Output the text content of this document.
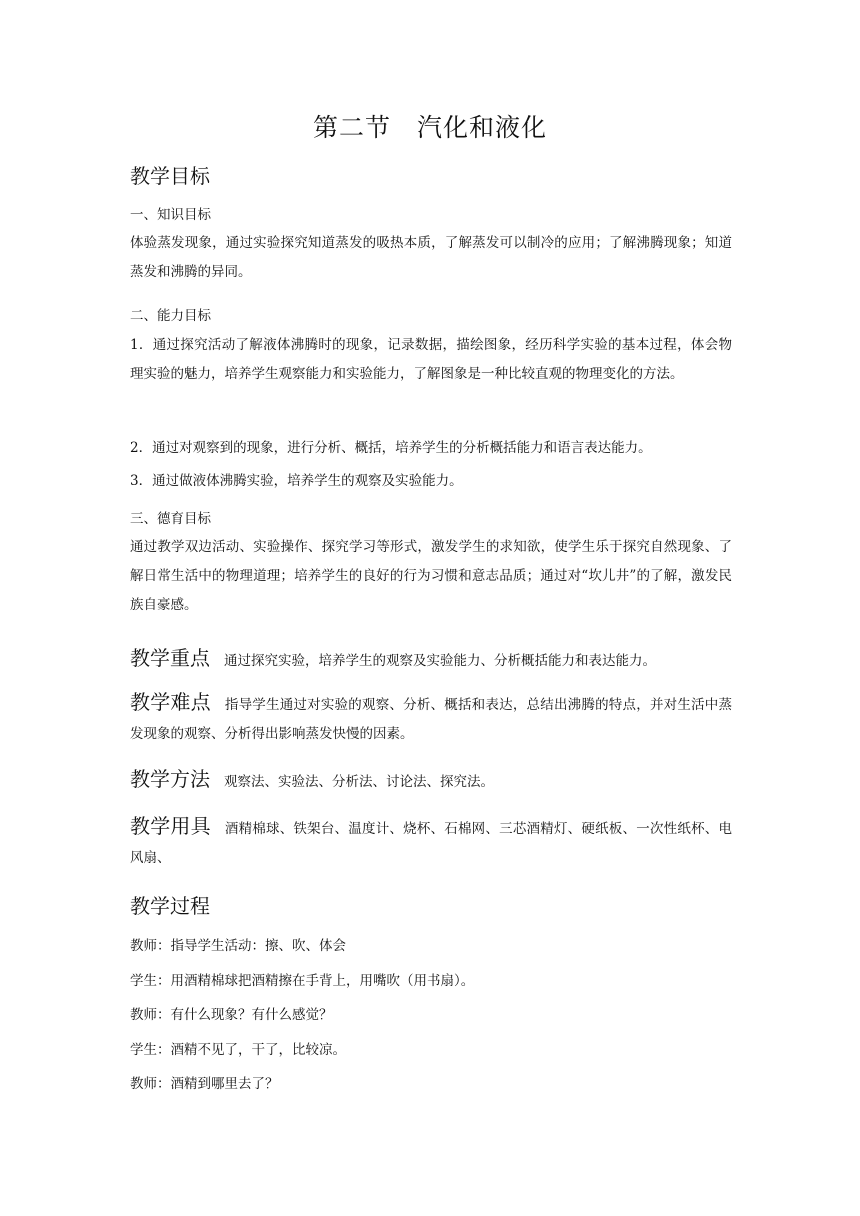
第二节　汽化和液化
教学目标
一、知识目标
体验蒸发现象，通过实验探究知道蒸发的吸热本质，了解蒸发可以制冷的应用；了解沸腾现象；知道蒸发和沸腾的异同。
二、能力目标
1．通过探究活动了解液体沸腾时的现象，记录数据，描绘图象，经历科学实验的基本过程，体会物理实验的魅力，培养学生观察能力和实验能力，了解图象是一种比较直观的物理变化的方法。
2．通过对观察到的现象，进行分析、概括，培养学生的分析概括能力和语言表达能力。
3．通过做液体沸腾实验，培养学生的观察及实验能力。
三、德育目标
通过教学双边活动、实验操作、探究学习等形式，激发学生的求知欲，使学生乐于探究自然现象、了解日常生活中的物理道理；培养学生的良好的行为习惯和意志品质；通过对“坎儿井”的了解，激发民族自豪感。
教学重点 通过探究实验，培养学生的观察及实验能力、分析概括能力和表达能力。
教学难点 指导学生通过对实验的观察、分析、概括和表达，总结出沸腾的特点，并对生活中蒸发现象的观察、分析得出影响蒸发快慢的因素。
教学方法 观察法、实验法、分析法、讨论法、探究法。
教学用具 酒精棉球、铁架台、温度计、烧杯、石棉网、三芯酒精灯、硬纸板、一次性纸杯、电风扇、
教学过程
教师：指导学生活动：擦、吹、体会
学生：用酒精棉球把酒精擦在手背上，用嘴吹（用书扇）。
教师：有什么现象？有什么感觉？
学生：酒精不见了，干了，比较凉。
教师：酒精到哪里去了？
